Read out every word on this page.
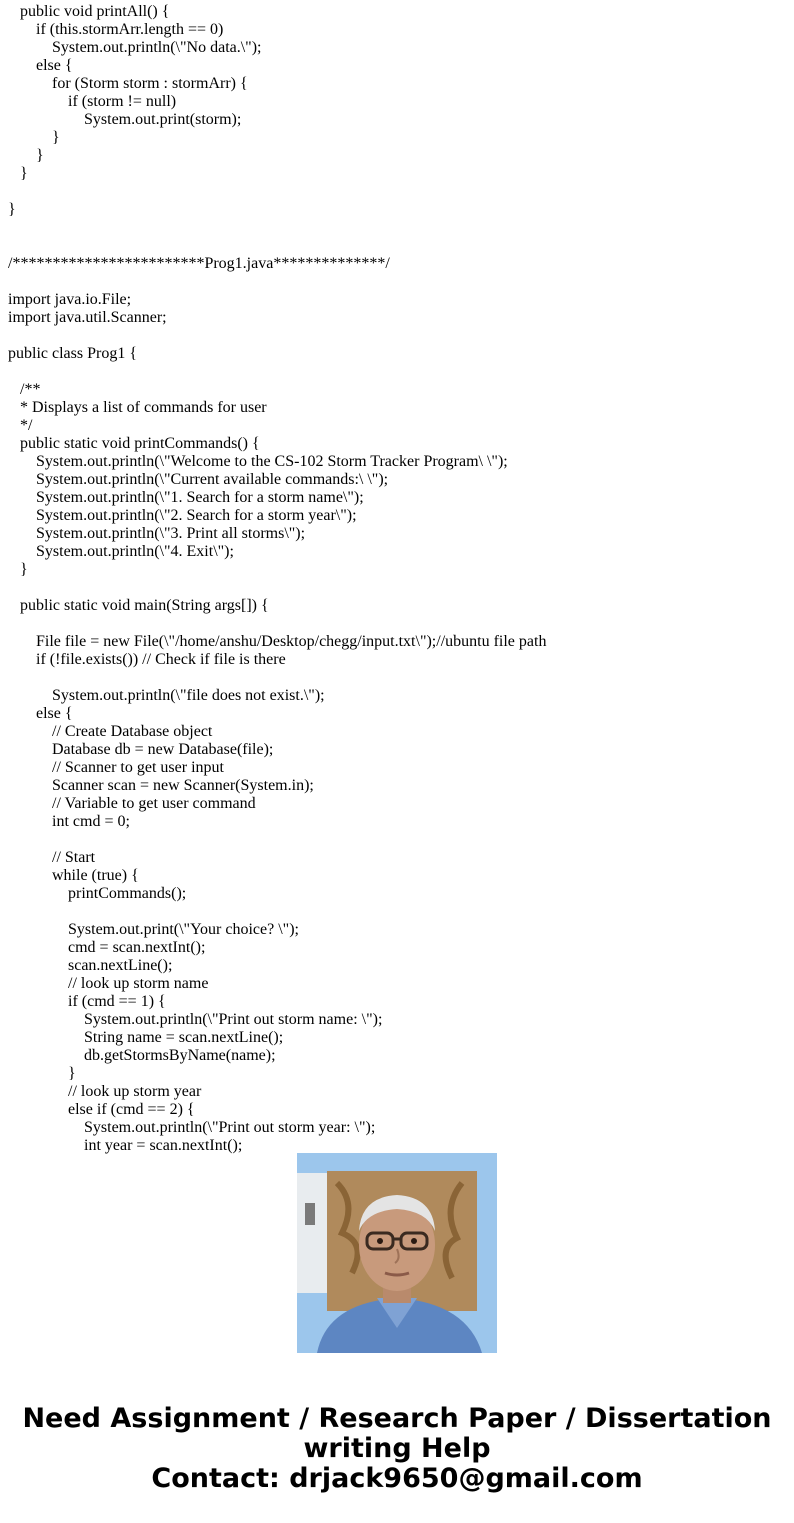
public void printAll() {
if (this.stormArr.length == 0)
System.out.println(\"No data.\");
else {
for (Storm storm : stormArr) {
if (storm != null)
System.out.print(storm);
}
}
}
}
/************************Prog1.java**************/
import java.io.File;
import java.util.Scanner;
public class Prog1 {
/**
* Displays a list of commands for user
*/
public static void printCommands() {
System.out.println(\"Welcome to the CS-102 Storm Tracker Program\ \");
System.out.println(\"Current available commands:\ \");
System.out.println(\"1. Search for a storm name\");
System.out.println(\"2. Search for a storm year\");
System.out.println(\"3. Print all storms\");
System.out.println(\"4. Exit\");
}
public static void main(String args[]) {
File file = new File(\"/home/anshu/Desktop/chegg/input.txt\");//ubuntu file path
if (!file.exists()) // Check if file is there
System.out.println(\"file does not exist.\");
else {
// Create Database object
Database db = new Database(file);
// Scanner to get user input
Scanner scan = new Scanner(System.in);
// Variable to get user command
int cmd = 0;
// Start
while (true) {
printCommands();
System.out.print(\"Your choice? \");
cmd = scan.nextInt();
scan.nextLine();
// look up storm name
if (cmd == 1) {
System.out.println(\"Print out storm name: \");
String name = scan.nextLine();
db.getStormsByName(name);
}
// look up storm year
else if (cmd == 2) {
System.out.println(\"Print out storm year: \");
int year = scan.nextInt();
Need Assignment / Research Paper / Dissertation
writing Help
Contact: drjack9650@gmail.com
